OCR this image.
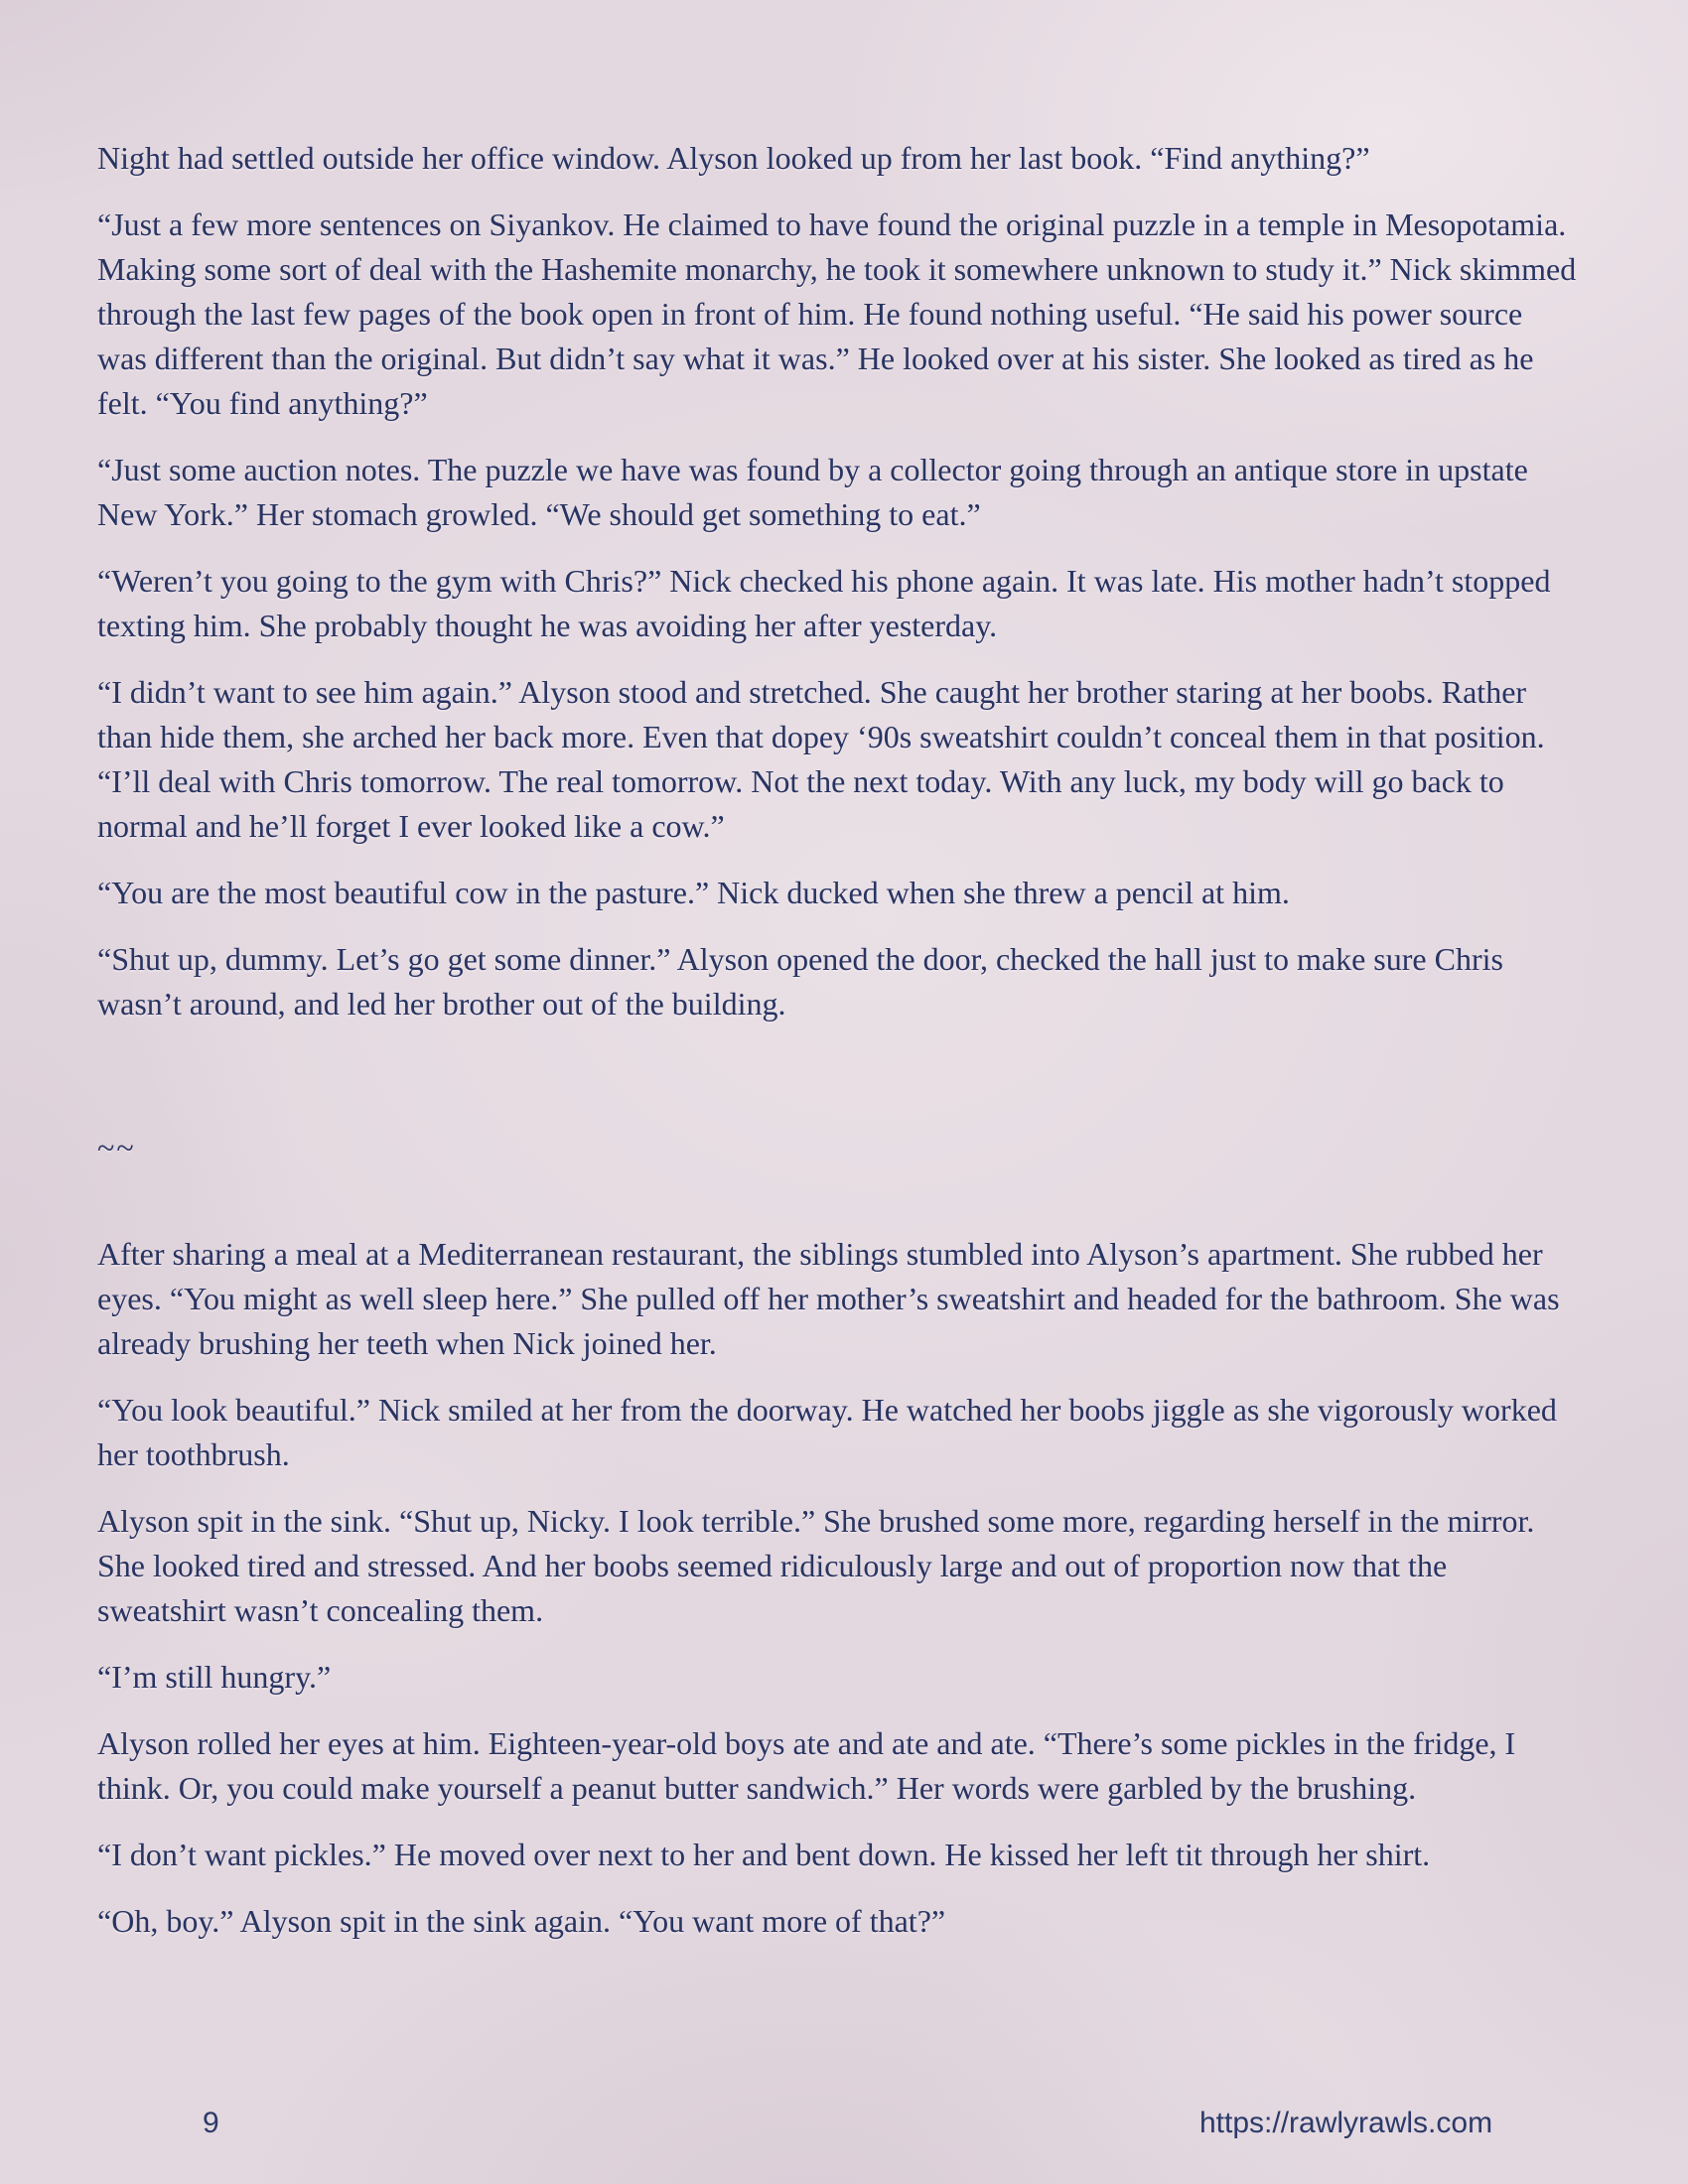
Night had settled outside her office window. Alyson looked up from her last book. “Find anything?”

“Just a few more sentences on Siyankov. He claimed to have found the original puzzle in a temple in Mesopotamia. Making some sort of deal with the Hashemite monarchy, he took it somewhere unknown to study it.” Nick skimmed through the last few pages of the book open in front of him. He found nothing useful. “He said his power source was different than the original. But didn’t say what it was.” He looked over at his sister. She looked as tired as he felt. “You find anything?”

“Just some auction notes. The puzzle we have was found by a collector going through an antique store in upstate New York.” Her stomach growled. “We should get something to eat.”

“Weren’t you going to the gym with Chris?” Nick checked his phone again. It was late. His mother hadn’t stopped texting him. She probably thought he was avoiding her after yesterday.

“I didn’t want to see him again.” Alyson stood and stretched. She caught her brother staring at her boobs. Rather than hide them, she arched her back more. Even that dopey ‘90s sweatshirt couldn’t conceal them in that position. “I’ll deal with Chris tomorrow. The real tomorrow. Not the next today. With any luck, my body will go back to normal and he’ll forget I ever looked like a cow.”

“You are the most beautiful cow in the pasture.” Nick ducked when she threw a pencil at him.

“Shut up, dummy. Let’s go get some dinner.” Alyson opened the door, checked the hall just to make sure Chris wasn’t around, and led her brother out of the building.

~~

After sharing a meal at a Mediterranean restaurant, the siblings stumbled into Alyson’s apartment. She rubbed her eyes. “You might as well sleep here.” She pulled off her mother’s sweatshirt and headed for the bathroom. She was already brushing her teeth when Nick joined her.

“You look beautiful.” Nick smiled at her from the doorway. He watched her boobs jiggle as she vigorously worked her toothbrush.

Alyson spit in the sink. “Shut up, Nicky. I look terrible.” She brushed some more, regarding herself in the mirror. She looked tired and stressed. And her boobs seemed ridiculously large and out of proportion now that the sweatshirt wasn’t concealing them.

“I’m still hungry.”

Alyson rolled her eyes at him. Eighteen-year-old boys ate and ate and ate. “There’s some pickles in the fridge, I think. Or, you could make yourself a peanut butter sandwich.” Her words were garbled by the brushing.

“I don’t want pickles.” He moved over next to her and bent down. He kissed her left tit through her shirt.

“Oh, boy.” Alyson spit in the sink again. “You want more of that?”

9	https://rawlyrawls.com
